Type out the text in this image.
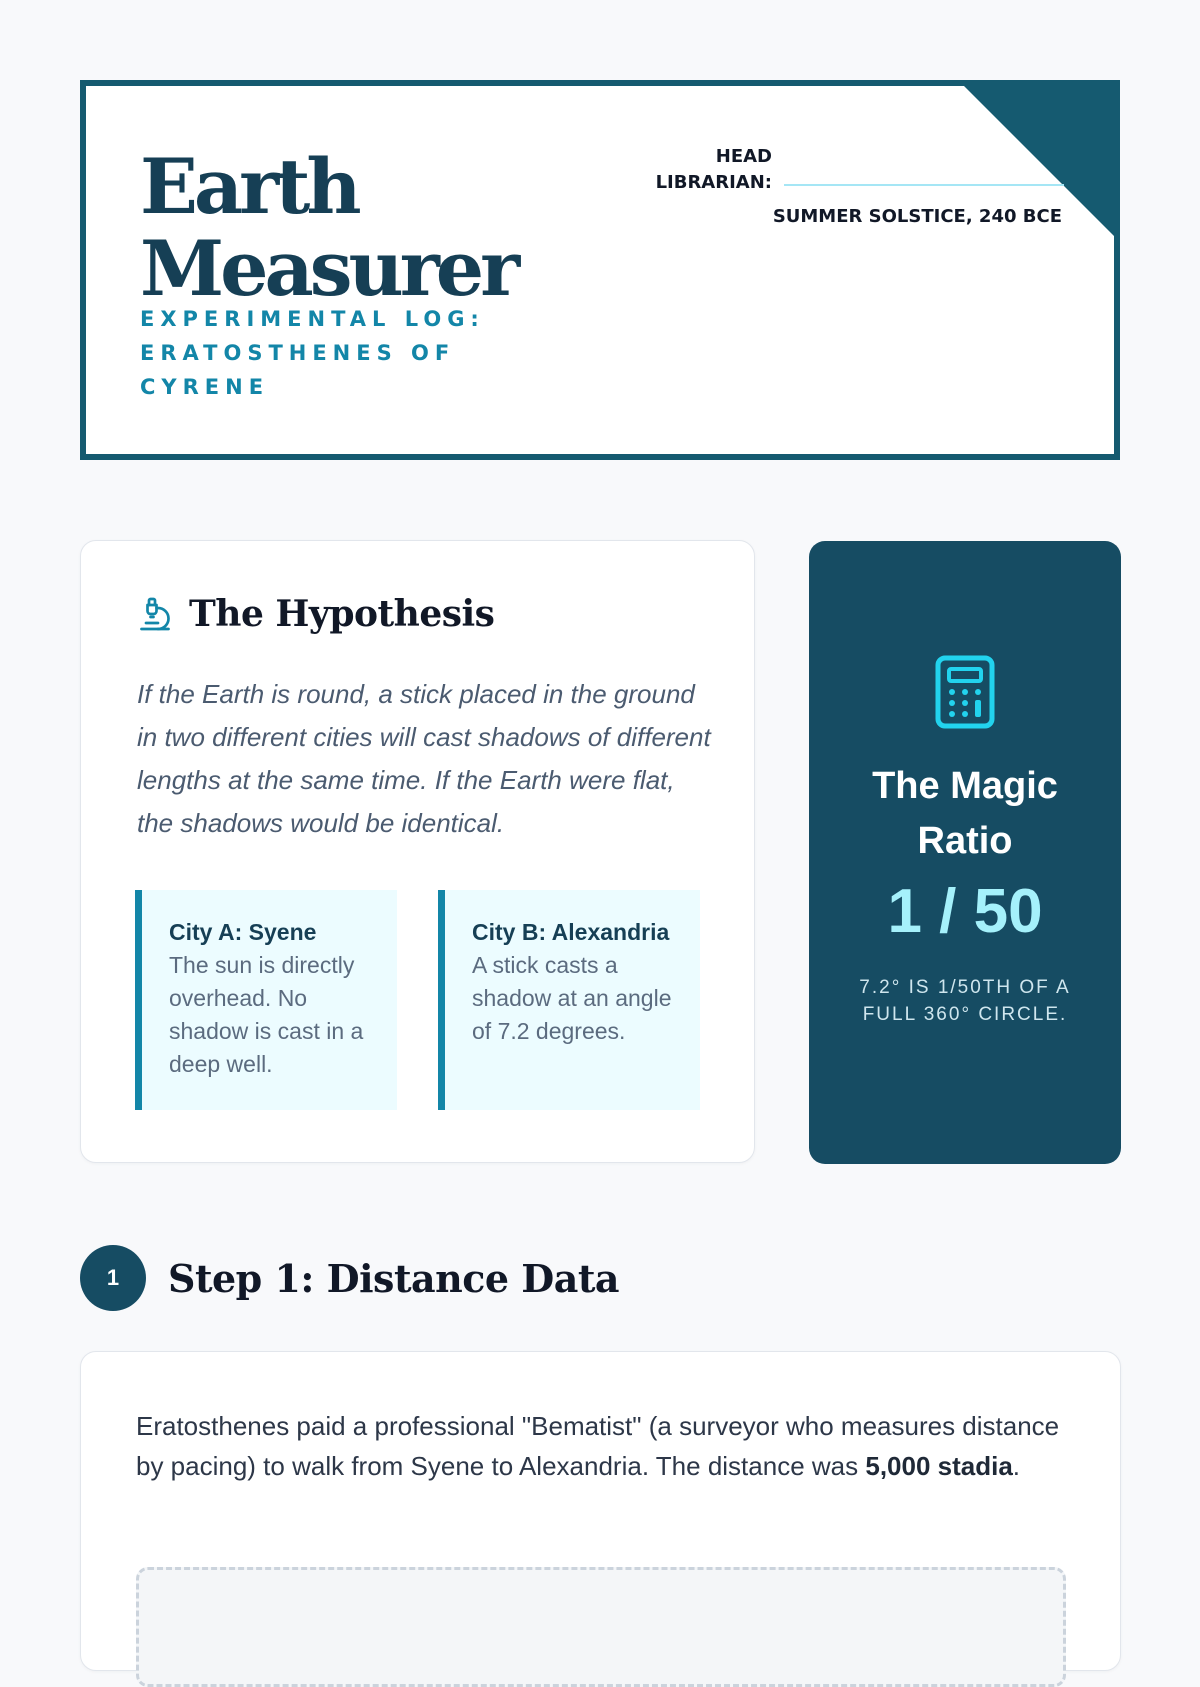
Earth
Measurer
EXPERIMENTAL LOG: ERATOSTHENES OF CYRENE
HEAD LIBRARIAN:
SUMMER SOLSTICE, 240 BCE
The Hypothesis
If the Earth is round, a stick placed in the ground in two different cities will cast shadows of different lengths at the same time. If the Earth were flat, the shadows would be identical.
City A: Syene
The sun is directly overhead. No shadow is cast in a deep well.
City B: Alexandria
A stick casts a shadow at an angle of 7.2 degrees.
The Magic Ratio
1 / 50
7.2° IS 1/50TH OF A FULL 360° CIRCLE.
1	Step 1: Distance Data
Eratosthenes paid a professional "Bematist" (a surveyor who measures distance by pacing) to walk from Syene to Alexandria. The distance was 5,000 stadia.
